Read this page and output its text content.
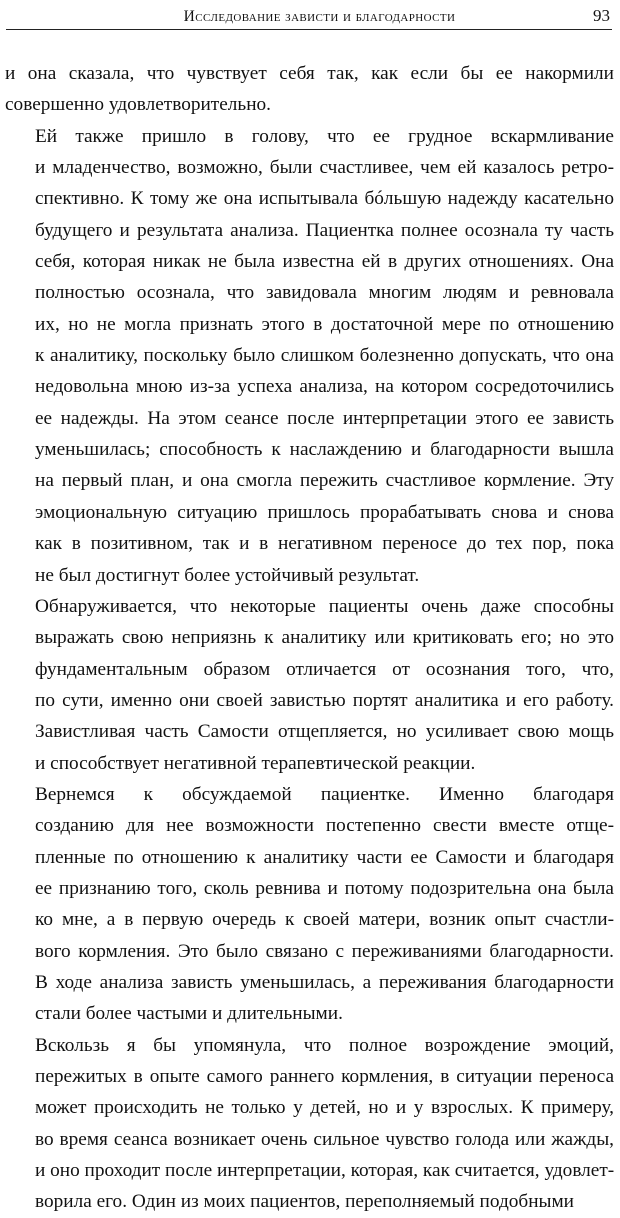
Исследование зависти и благодарности	93

и она сказала, что чувствует себя так, как если бы ее накормили
совершенно удовлетворительно.

Ей также пришло в голову, что ее грудное вскармливание
и младенчество, возможно, были счастливее, чем ей казалось ретро-
спективно. К тому же она испытывала бóльшую надежду касательно
будущего и результата анализа. Пациентка полнее осознала ту часть
себя, которая никак не была известна ей в других отношениях. Она
полностью осознала, что завидовала многим людям и ревновала
их, но не могла признать этого в достаточной мере по отношению
к аналитику, поскольку было слишком болезненно допускать, что она
недовольна мною из-за успеха анализа, на котором сосредоточились
ее надежды. На этом сеансе после интерпретации этого ее зависть
уменьшилась; способность к наслаждению и благодарности вышла
на первый план, и она смогла пережить счастливое кормление. Эту
эмоциональную ситуацию пришлось прорабатывать снова и снова
как в позитивном, так и в негативном переносе до тех пор, пока
не был достигнут более устойчивый результат.

Обнаруживается, что некоторые пациенты очень даже способны
выражать свою неприязнь к аналитику или критиковать его; но это
фундаментальным образом отличается от осознания того, что,
по сути, именно они своей завистью портят аналитика и его работу.
Завистливая часть Самости отщепляется, но усиливает свою мощь
и способствует негативной терапевтической реакции.

Вернемся к обсуждаемой пациентке. Именно благодаря
созданию для нее возможности постепенно свести вместе отще-
пленные по отношению к аналитику части ее Самости и благодаря
ее признанию того, сколь ревнива и потому подозрительна она была
ко мне, а в первую очередь к своей матери, возник опыт счастли-
вого кормления. Это было связано с переживаниями благодарности.
В ходе анализа зависть уменьшилась, а переживания благодарности
стали более частыми и длительными.

Вскользь я бы упомянула, что полное возрождение эмоций,
пережитых в опыте самого раннего кормления, в ситуации переноса
может происходить не только у детей, но и у взрослых. К примеру,
во время сеанса возникает очень сильное чувство голода или жажды,
и оно проходит после интерпретации, которая, как считается, удовлет-
ворила его. Один из моих пациентов, переполняемый подобными
